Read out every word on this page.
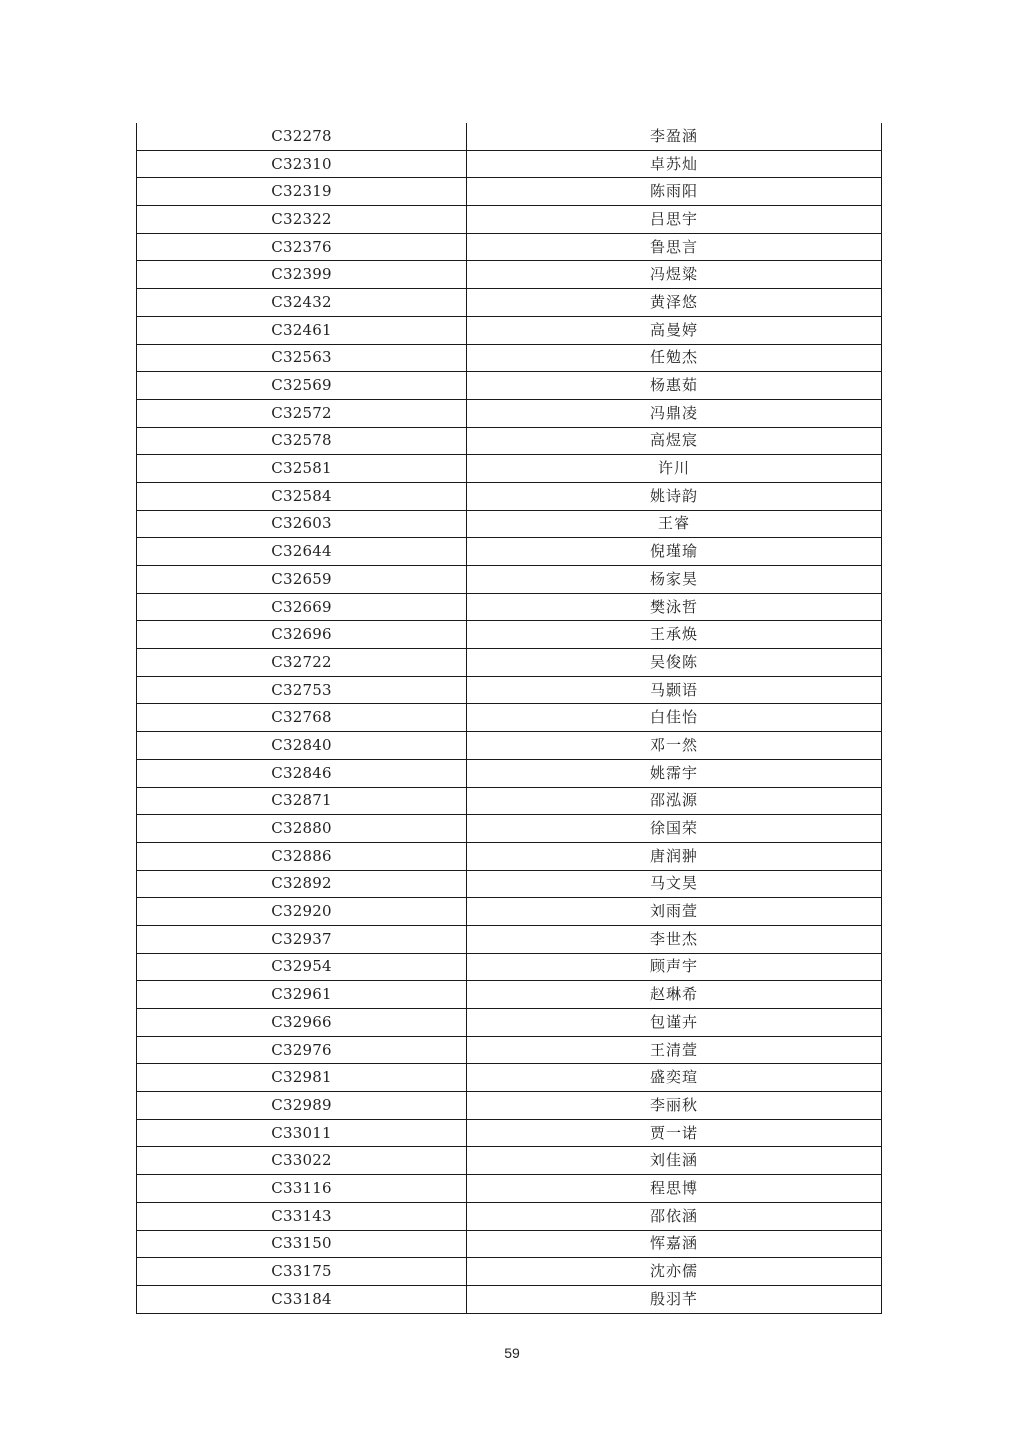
C32278	李盈涵
C32310	卓苏灿
C32319	陈雨阳
C32322	吕思宇
C32376	鲁思言
C32399	冯煜粱
C32432	黄泽悠
C32461	高曼婷
C32563	任勉杰
C32569	杨惠茹
C32572	冯鼎凌
C32578	高煜宸
C32581	许川
C32584	姚诗韵
C32603	王睿
C32644	倪瑾瑜
C32659	杨家昊
C32669	樊泳哲
C32696	王承焕
C32722	吴俊陈
C32753	马颢语
C32768	白佳怡
C32840	邓一然
C32846	姚霈宇
C32871	邵泓源
C32880	徐国荣
C32886	唐润翀
C32892	马文昊
C32920	刘雨萱
C32937	李世杰
C32954	顾声宇
C32961	赵琳希
C32966	包谨卉
C32976	王清萱
C32981	盛奕瑄
C32989	李丽秋
C33011	贾一诺
C33022	刘佳涵
C33116	程思博
C33143	邵依涵
C33150	恽嘉涵
C33175	沈亦儒
C33184	殷羽芊
59
